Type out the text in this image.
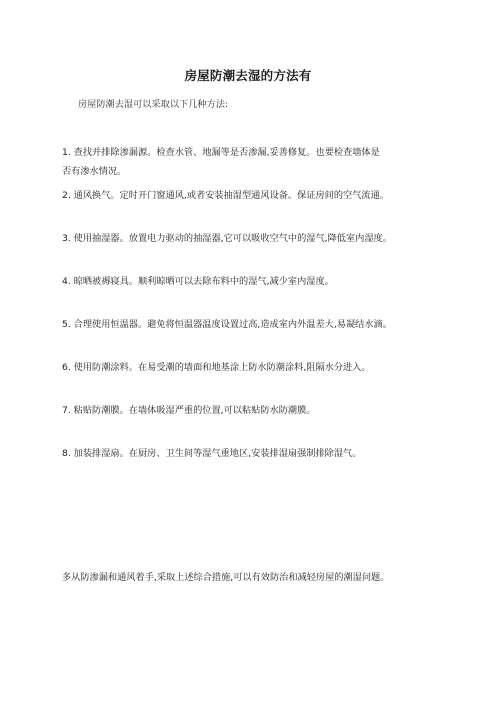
房屋防潮去湿的方法有
房屋防潮去湿可以采取以下几种方法:
1. 查找并排除渗漏源。检查水管、地漏等是否渗漏,妥善修复。也要检查墙体是
否有渗水情况。
2. 通风换气。定时开门窗通风,或者安装抽湿型通风设备。保证房间的空气流通。
3. 使用抽湿器。放置电力驱动的抽湿器,它可以吸收空气中的湿气,降低室内湿度。
4. 晾晒被褥寝具。顺利晾晒可以去除布料中的湿气,减少室内湿度。
5. 合理使用恒温器。避免将恒温器温度设置过高,造成室内外温差大,易凝结水滴。
6. 使用防潮涂料。在易受潮的墙面和地基涂上防水防潮涂料,阻隔水分进入。
7. 粘贴防潮膜。在墙体吸湿严重的位置,可以粘贴防水防潮膜。
8. 加装排湿扇。在厨房、卫生间等湿气重地区,安装排湿扇强制排除湿气。
多从防渗漏和通风着手,采取上述综合措施,可以有效防治和减轻房屋的潮湿问题。
